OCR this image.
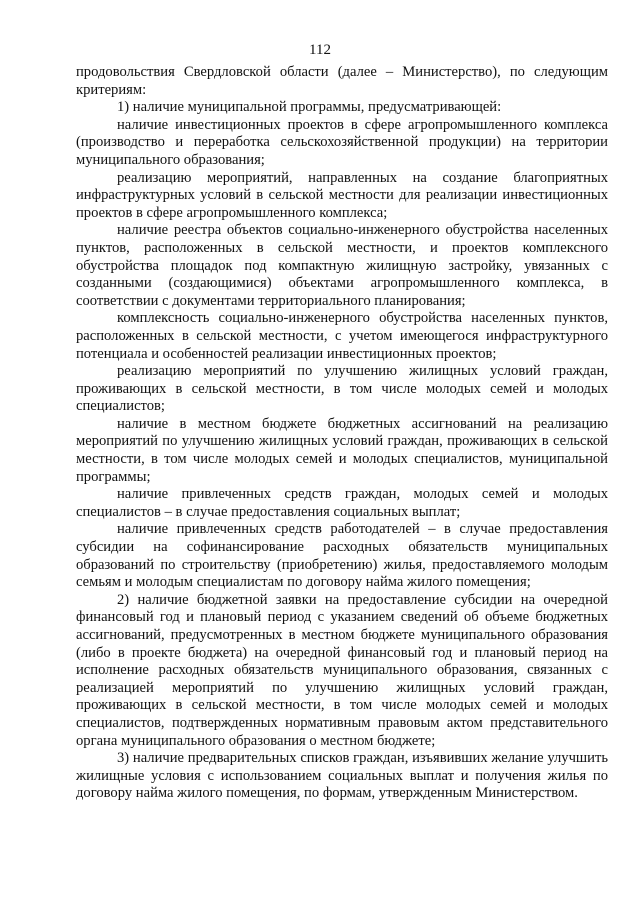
112

продовольствия Свердловской области (далее – Министерство), по следующим критериям:

1) наличие муниципальной программы, предусматривающей:

наличие инвестиционных проектов в сфере агропромышленного комплекса (производство и переработка сельскохозяйственной продукции) на территории муниципального образования;

реализацию мероприятий, направленных на создание благоприятных инфраструктурных условий в сельской местности для реализации инвестиционных проектов в сфере агропромышленного комплекса;

наличие реестра объектов социально-инженерного обустройства населенных пунктов, расположенных в сельской местности, и проектов комплексного обустройства площадок под компактную жилищную застройку, увязанных с созданными (создающимися) объектами агропромышленного комплекса, в соответствии с документами территориального планирования;

комплексность социально-инженерного обустройства населенных пунктов, расположенных в сельской местности, с учетом имеющегося инфраструктурного потенциала и особенностей реализации инвестиционных проектов;

реализацию мероприятий по улучшению жилищных условий граждан, проживающих в сельской местности, в том числе молодых семей и молодых специалистов;

наличие в местном бюджете бюджетных ассигнований на реализацию мероприятий по улучшению жилищных условий граждан, проживающих в сельской местности, в том числе молодых семей и молодых специалистов, муниципальной программы;

наличие привлеченных средств граждан, молодых семей и молодых специалистов – в случае предоставления социальных выплат;

наличие привлеченных средств работодателей – в случае предоставления субсидии на софинансирование расходных обязательств муниципальных образований по строительству (приобретению) жилья, предоставляемого молодым семьям и молодым специалистам по договору найма жилого помещения;

2) наличие бюджетной заявки на предоставление субсидии на очередной финансовый год и плановый период с указанием сведений об объеме бюджетных ассигнований, предусмотренных в местном бюджете муниципального образования (либо в проекте бюджета) на очередной финансовый год и плановый период на исполнение расходных обязательств муниципального образования, связанных с реализацией мероприятий по улучшению жилищных условий граждан, проживающих в сельской местности, в том числе молодых семей и молодых специалистов, подтвержденных нормативным правовым актом представительного органа муниципального образования о местном бюджете;

3) наличие предварительных списков граждан, изъявивших желание улучшить жилищные условия с использованием социальных выплат и получения жилья по договору найма жилого помещения, по формам, утвержденным Министерством.
